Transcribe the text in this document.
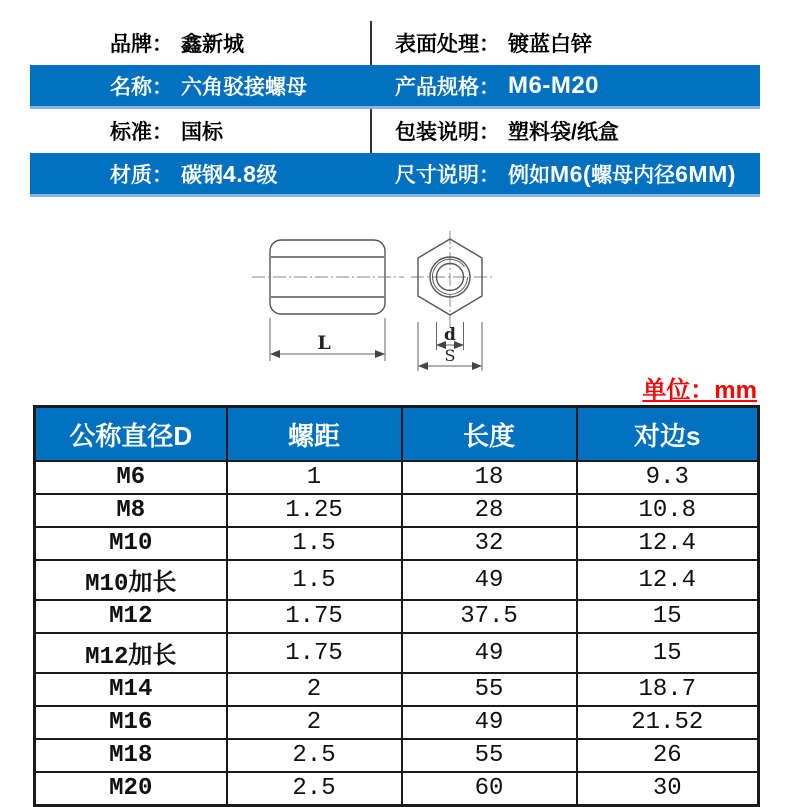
品牌： 鑫新城	表面处理： 镀蓝白锌
名称： 六角驳接螺母	产品规格： M6-M20
标准： 国标	包装说明： 塑料袋/纸盒
材质： 碳钢4.8级	尺寸说明： 例如M6(螺母内径6MM)
L	d
S
单位：mm
公称直径D	螺距	长度	对边s
M6	1	18	9.3
M8	1.25	28	10.8
M10	1.5	32	12.4
M10加长	1.5	49	12.4
M12	1.75	37.5	15
M12加长	1.75	49	15
M14	2	55	18.7
M16	2	49	21.52
M18	2.5	55	26
M20	2.5	60	30
